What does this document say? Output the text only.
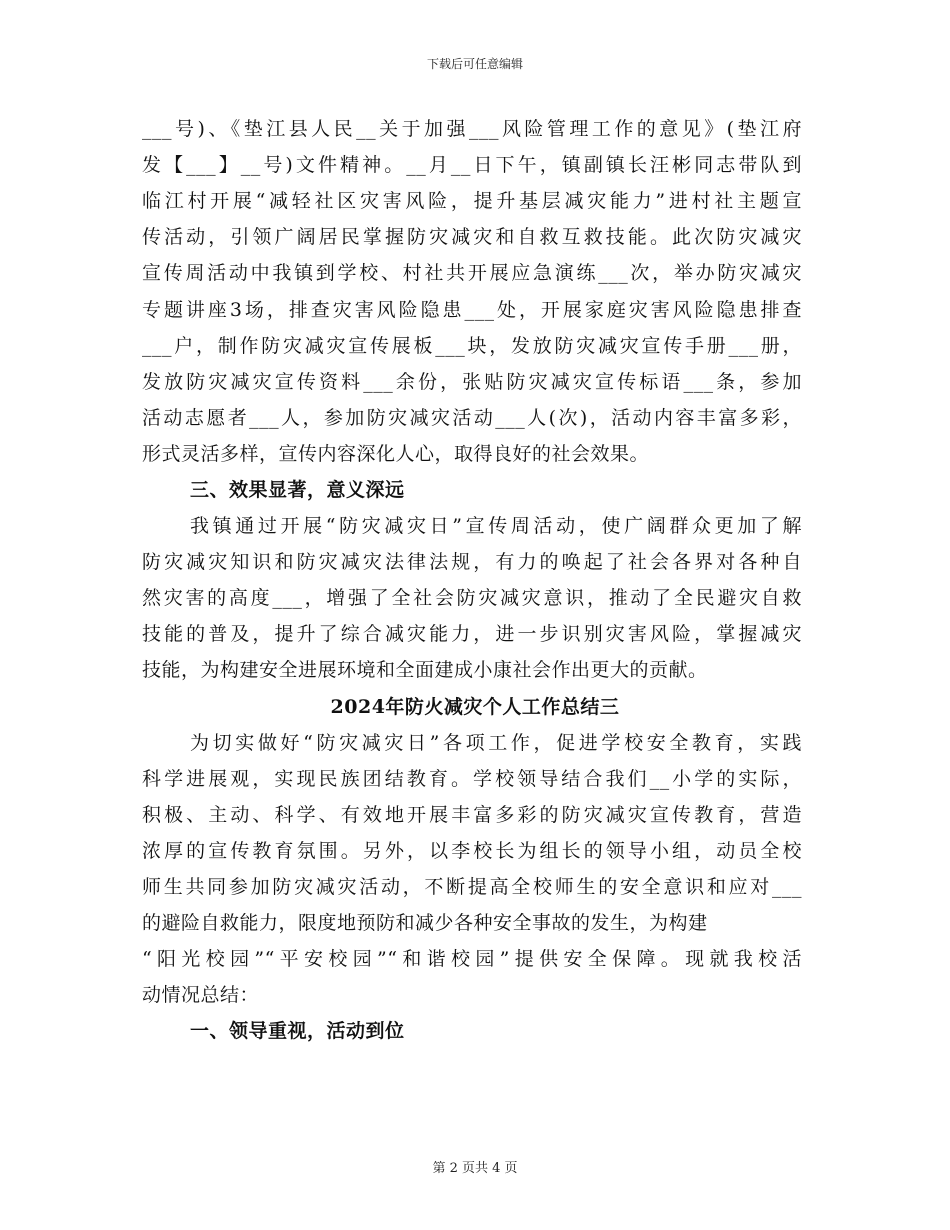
下载后可任意编辑
___号)、《垫江县人民__关于加强___风险管理工作的意见》(垫江府
发【___】__号)文件精神。__月__日下午，镇副镇长汪彬同志带队到
临江村开展“减轻社区灾害风险，提升基层减灾能力”进村社主题宣
传活动，引领广阔居民掌握防灾减灾和自救互救技能。此次防灾减灾
宣传周活动中我镇到学校、村社共开展应急演练___次，举办防灾减灾
专题讲座3场，排查灾害风险隐患___处，开展家庭灾害风险隐患排查
___户，制作防灾减灾宣传展板___块，发放防灾减灾宣传手册___册，
发放防灾减灾宣传资料___余份，张贴防灾减灾宣传标语___条，参加
活动志愿者___人，参加防灾减灾活动___人(次)，活动内容丰富多彩，
形式灵活多样，宣传内容深化人心，取得良好的社会效果。
三、效果显著，意义深远
我镇通过开展“防灾减灾日”宣传周活动，使广阔群众更加了解
防灾减灾知识和防灾减灾法律法规，有力的唤起了社会各界对各种自
然灾害的高度___，增强了全社会防灾减灾意识，推动了全民避灾自救
技能的普及，提升了综合减灾能力，进一步识别灾害风险，掌握减灾
技能，为构建安全进展环境和全面建成小康社会作出更大的贡献。
2024年防火减灾个人工作总结三
为切实做好“防灾减灾日”各项工作，促进学校安全教育，实践
科学进展观，实现民族团结教育。学校领导结合我们__小学的实际，
积极、主动、科学、有效地开展丰富多彩的防灾减灾宣传教育，营造
浓厚的宣传教育氛围。另外，以李校长为组长的领导小组，动员全校
师生共同参加防灾减灾活动，不断提高全校师生的安全意识和应对___
的避险自救能力，限度地预防和减少各种安全事故的发生，为构建
“阳光校园”“平安校园”“和谐校园”提供安全保障。现就我校活
动情况总结：
一、领导重视，活动到位
第 2 页共 4 页
